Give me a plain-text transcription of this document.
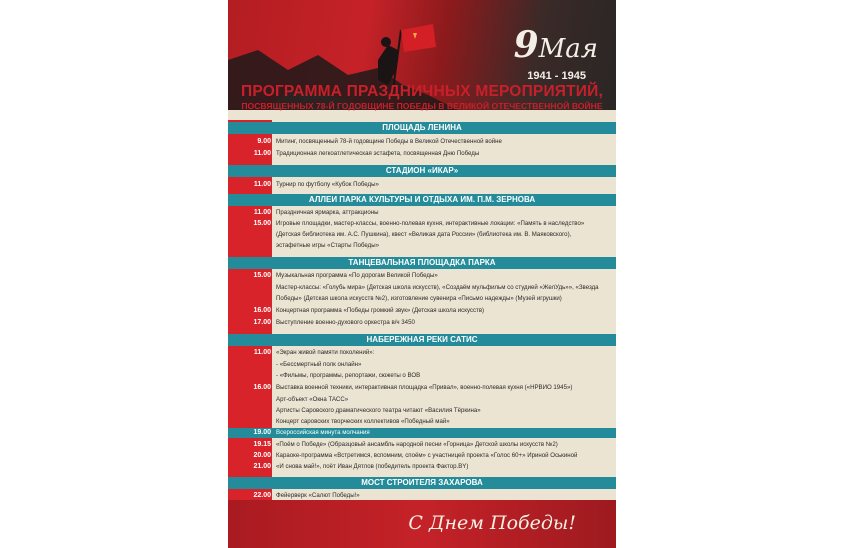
9Мая
1941 - 1945
ПРОГРАММА ПРАЗДНИЧНЫХ МЕРОПРИЯТИЙ,
ПОСВЯЩЕННЫХ 78-Й ГОДОВЩИНЕ ПОБЕДЫ В ВЕЛИКОЙ ОТЕЧЕСТВЕННОЙ ВОЙНЕ
ПЛОЩАДЬ ЛЕНИНА
9.00 Митинг, посвященный 78-й годовщине Победы в Великой Отечественной войне
11.00 Традиционная легкоатлетическая эстафета, посвященная Дню Победы
СТАДИОН «ИКАР»
11.00 Турнир по футболу «Кубок Победы»
АЛЛЕИ ПАРКА КУЛЬТУРЫ И ОТДЫХА ИМ. П.М. ЗЕРНОВА
11.00 Праздничная ярмарка, аттракционы
15.00 Игровые площадки, мастер-классы, военно-полевая кухня, интерактивные локации: «Память в наследство»
(Детская библиотека им. А.С. Пушкина), квест «Великая дата России» (библиотека им. В. Маяковского),
эстафетные игры «Старты Победы»
ТАНЦЕВАЛЬНАЯ ПЛОЩАДКА ПАРКА
15.00 Музыкальная программа «По дорогам Великой Победы»
Мастер-классы: «Голубь мира» (Детская школа искусств), «Создаём мульфильм со студией «ЖелУдь»», «Звезда
Победы» (Детская школа искусств №2), изготовление сувенира «Письмо надежды» (Музей игрушки)
16.00 Концертная программа «Победы громкий звук» (Детская школа искусств)
17.00 Выступление военно-духового оркестра в/ч 3450
НАБЕРЕЖНАЯ РЕКИ САТИС
11.00 «Экран живой памяти поколений»:
- «Бессмертный полк онлайн»
- «Фильмы, программы, репортажи, сюжеты о ВОВ
16.00 Выставка военной техники, интерактивная площадка «Привал», военно-полевая кухня («НРВИО 1945»)
Арт-объект «Окна ТАСС»
Артисты Саровского драматического театра читают «Василия Тёркина»
Концерт саровских творческих коллективов «Победный май»
19.00 Всероссийская минута молчания
19.15 «Поём о Победе» (Образцовый ансамбль народной песни «Горница» Детской школы искусств №2)
20.00 Караоке-программа «Встретимся, вспомним, споём» с участницей проекта «Голос 60+» Ириной Оськиной
21.00 «И снова май!», поёт Иван Дятлов (победитель проекта Фактор.BY)
МОСТ СТРОИТЕЛЯ ЗАХАРОВА
22.00 Фейерверк «Салют Победы!»
С Днем Победы!
